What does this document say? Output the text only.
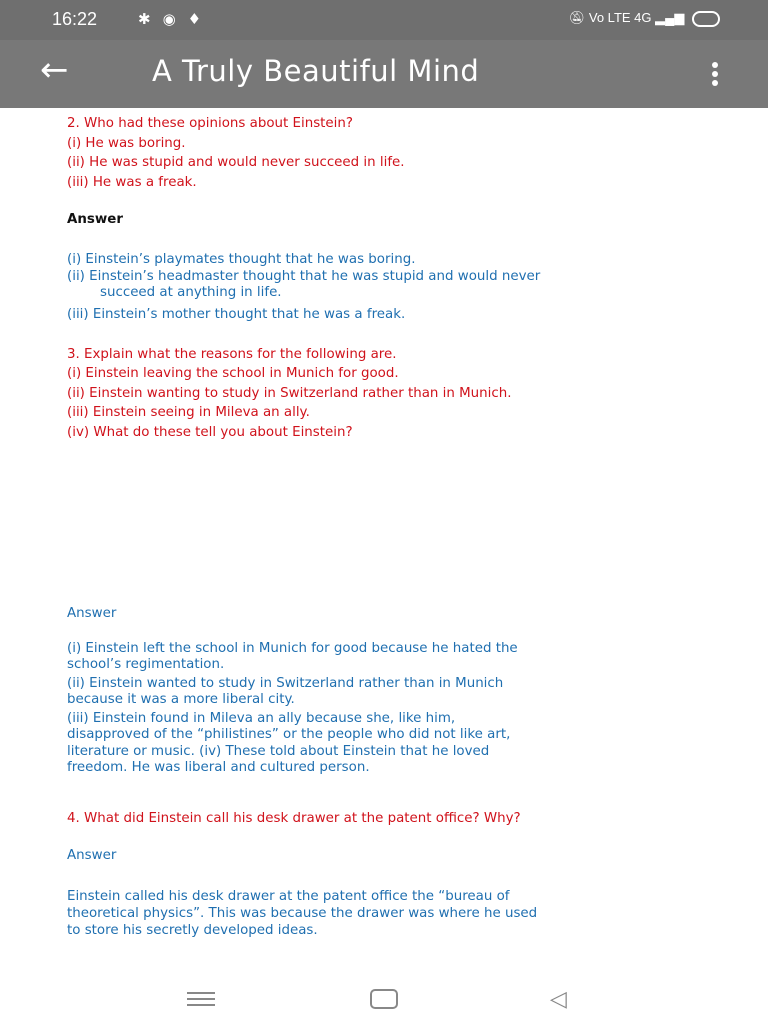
16:22	✱◉♦	🔕︎ Vo LTE 4G ▂▄▆
←	A Truly Beautiful Mind
2. Who had these opinions about Einstein?
(i) He was boring.
(ii) He was stupid and would never succeed in life.
(iii) He was a freak.
Answer
(i) Einstein’s playmates thought that he was boring.
(ii) Einstein’s headmaster thought that he was stupid and would never
succeed at anything in life.
(iii) Einstein’s mother thought that he was a freak.
3. Explain what the reasons for the following are.
(i) Einstein leaving the school in Munich for good.
(ii) Einstein wanting to study in Switzerland rather than in Munich.
(iii) Einstein seeing in Mileva an ally.
(iv) What do these tell you about Einstein?
Answer
(i) Einstein left the school in Munich for good because he hated the
school’s regimentation.
(ii) Einstein wanted to study in Switzerland rather than in Munich
because it was a more liberal city.
(iii) Einstein found in Mileva an ally because she, like him,
disapproved of the “philistines” or the people who did not like art,
literature or music. (iv) These told about Einstein that he loved
freedom. He was liberal and cultured person.
4. What did Einstein call his desk drawer at the patent office? Why?
Answer
Einstein called his desk drawer at the patent office the “bureau of
theoretical physics”. This was because the drawer was where he used
to store his secretly developed ideas.
◁
